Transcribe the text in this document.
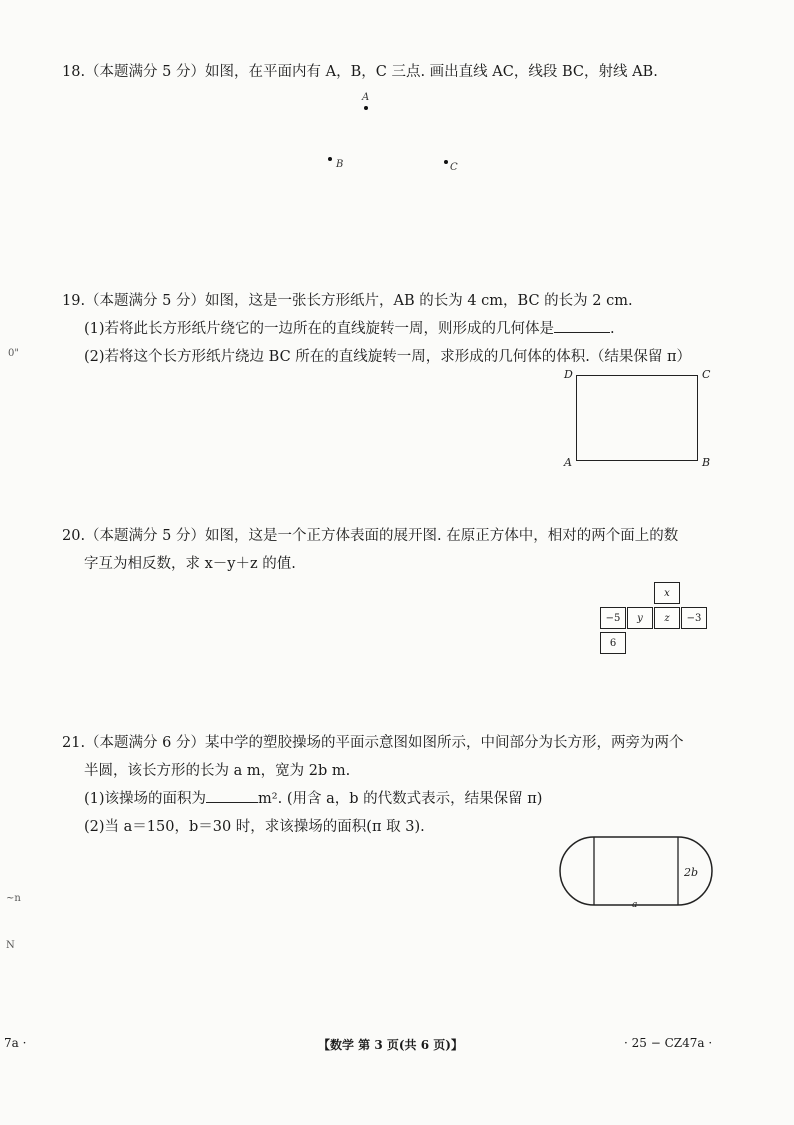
18.（本题满分 5 分）如图，在平面内有 A，B，C 三点. 画出直线 AC，线段 BC，射线 AB.
A
B	C
19.（本题满分 5 分）如图，这是一张长方形纸片，AB 的长为 4 cm，BC 的长为 2 cm.
(1)若将此长方形纸片绕它的一边所在的直线旋转一周，则形成的几何体是	.
(2)若将这个长方形纸片绕边 BC 所在的直线旋转一周，求形成的几何体的体积.（结果保留 π）
D	C
A	B
20.（本题满分 5 分）如图，这是一个正方体表面的展开图. 在原正方体中，相对的两个面上的数
字互为相反数，求 x－y＋z 的值.
x
−5	y	z	−3
6
21.（本题满分 6 分）某中学的塑胶操场的平面示意图如图所示，中间部分为长方形，两旁为两个
半圆，该长方形的长为 a m，宽为 2b m.
(1)该操场的面积为	m². (用含 a，b 的代数式表示，结果保留 π)
(2)当 a＝150，b＝30 时，求该操场的面积(π 取 3).
2b
a
0"
~n
N
7a ·	【数学 第 3 页(共 6 页)】	· 25 − CZ47a ·
